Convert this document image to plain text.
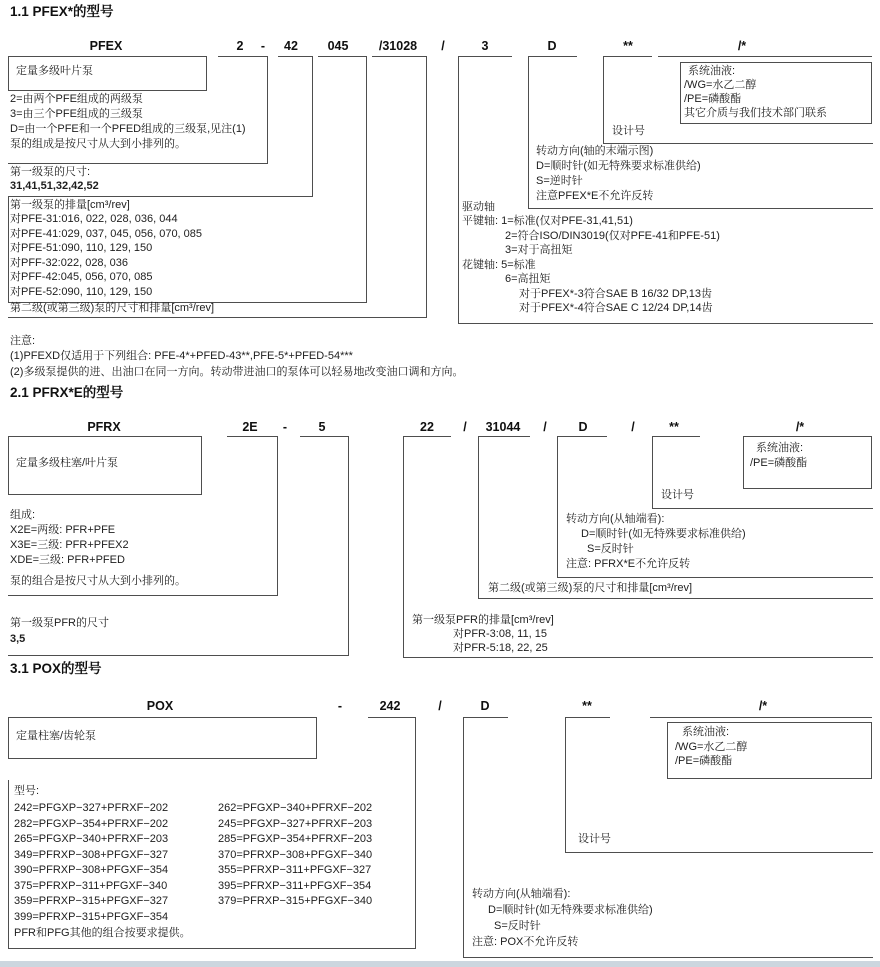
1.1 PFEX*的型号
PFEX	2	-	42	045	/31028	/	3	D	**	/*
定量多级叶片泵
2=由两个PFE组成的两级泵
3=由三个PFE组成的三级泵
D=由一个PFE和一个PFED组成的三级泵,见注(1)
泵的组成是按尺寸从大到小排列的。
第一级泵的尺寸:
31,41,51,32,42,52
第一级泵的排量[cm³/rev]
对PFE-31:016, 022, 028, 036, 044
对PFE-41:029, 037, 045, 056, 070, 085
对PFE-51:090, 110, 129, 150
对PFF-32:022, 028, 036
对PFF-42:045, 056, 070, 085
对PFE-52:090, 110, 129, 150
第二级(或第三级)泵的尺寸和排量[cm³/rev]
驱动轴
平键轴: 1=标准(仅对PFE-31,41,51)
2=符合ISO/DIN3019(仅对PFE-41和PFE-51)
3=对于高扭矩
花键轴: 5=标准
6=高扭矩
对于PFEX*-3符合SAE B 16/32 DP,13齿
对于PFEX*-4符合SAE C 12/24 DP,14齿
转动方向(轴的末端示图)
D=顺时针(如无特殊要求标准供给)
S=逆时针
注意PFEX*E不允许反转
设计号
系统油液:
/WG=水乙二醇
/PE=磷酸酯
其它介质与我们技术部门联系
注意:
(1)PFEXD仅适用于下列组合: PFE-4*+PFED-43**,PFE-5*+PFED-54***
(2)多级泵提供的进、出油口在同一方向。转动带进油口的泵体可以轻易地改变油口调和方向。
2.1 PFRX*E的型号
PFRX	2E	-	5	22	/	31044	/	D	/	**	/*
定量多级柱塞/叶片泵
组成:
X2E=两级: PFR+PFE
X3E=三级: PFR+PFEX2
XDE=三级: PFR+PFED
泵的组合是按尺寸从大到小排列的。
第一级泵PFR的尺寸
3,5
第一级泵PFR的排量[cm³/rev]
对PFR-3:08, 11, 15
对PFR-5:18, 22, 25
第二级(或第三级)泵的尺寸和排量[cm³/rev]
转动方向(从轴端看):
D=顺时针(如无特殊要求标准供给)
S=反时针
注意: PFRX*E不允许反转
设计号
系统油液:
/PE=磷酸酯
3.1 POX的型号
POX	-	242	/	D	**	/*
定量柱塞/齿轮泵
型号:
242=PFGXP−327+PFRXF−202
282=PFGXP−354+PFRXF−202
265=PFGXP−340+PFRXF−203
349=PFRXP−308+PFGXF−327
390=PFRXP−308+PFGXF−354
375=PFRXP−311+PFGXF−340
359=PFRXP−315+PFGXF−327
399=PFRXP−315+PFGXF−354
262=PFGXP−340+PFRXF−202
245=PFGXP−327+PFRXF−203
285=PFGXP−354+PFRXF−203
370=PFRXP−308+PFGXF−340
355=PFRXP−311+PFGXF−327
395=PFRXP−311+PFGXF−354
379=PFRXP−315+PFGXF−340
PFR和PFG其他的组合按要求提供。
转动方向(从轴端看):
D=顺时针(如无特殊要求标准供给)
S=反时针
注意: POX不允许反转
设计号
系统油液:
/WG=水乙二醇
/PE=磷酸酯
